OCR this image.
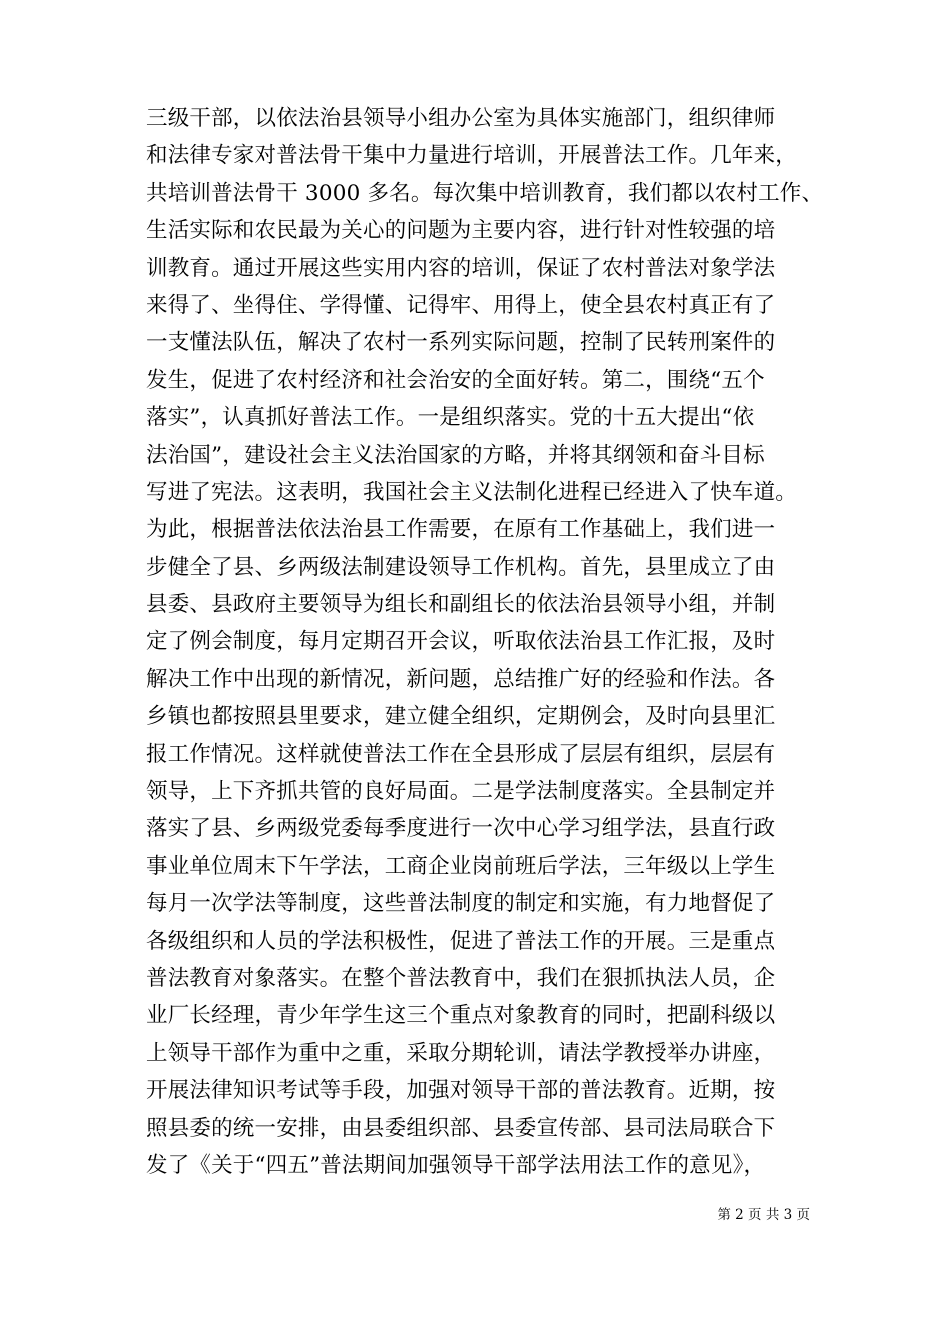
三级干部，以依法治县领导小组办公室为具体实施部门，组织律师
和法律专家对普法骨干集中力量进行培训，开展普法工作。几年来，
共培训普法骨干 3000 多名。每次集中培训教育，我们都以农村工作、
生活实际和农民最为关心的问题为主要内容，进行针对性较强的培
训教育。通过开展这些实用内容的培训，保证了农村普法对象学法
来得了、坐得住、学得懂、记得牢、用得上，使全县农村真正有了
一支懂法队伍，解决了农村一系列实际问题，控制了民转刑案件的
发生，促进了农村经济和社会治安的全面好转。第二，围绕“五个
落实”，认真抓好普法工作。一是组织落实。党的十五大提出“依
法治国”，建设社会主义法治国家的方略，并将其纲领和奋斗目标
写进了宪法。这表明，我国社会主义法制化进程已经进入了快车道。
为此，根据普法依法治县工作需要，在原有工作基础上，我们进一
步健全了县、乡两级法制建设领导工作机构。首先，县里成立了由
县委、县政府主要领导为组长和副组长的依法治县领导小组，并制
定了例会制度，每月定期召开会议，听取依法治县工作汇报，及时
解决工作中出现的新情况，新问题，总结推广好的经验和作法。各
乡镇也都按照县里要求，建立健全组织，定期例会，及时向县里汇
报工作情况。这样就使普法工作在全县形成了层层有组织，层层有
领导，上下齐抓共管的良好局面。二是学法制度落实。全县制定并
落实了县、乡两级党委每季度进行一次中心学习组学法，县直行政
事业单位周末下午学法，工商企业岗前班后学法，三年级以上学生
每月一次学法等制度，这些普法制度的制定和实施，有力地督促了
各级组织和人员的学法积极性，促进了普法工作的开展。三是重点
普法教育对象落实。在整个普法教育中，我们在狠抓执法人员，企
业厂长经理，青少年学生这三个重点对象教育的同时，把副科级以
上领导干部作为重中之重，采取分期轮训，请法学教授举办讲座，
开展法律知识考试等手段，加强对领导干部的普法教育。近期，按
照县委的统一安排，由县委组织部、县委宣传部、县司法局联合下
发了《关于“四五”普法期间加强领导干部学法用法工作的意见》，
第 2 页 共 3 页
